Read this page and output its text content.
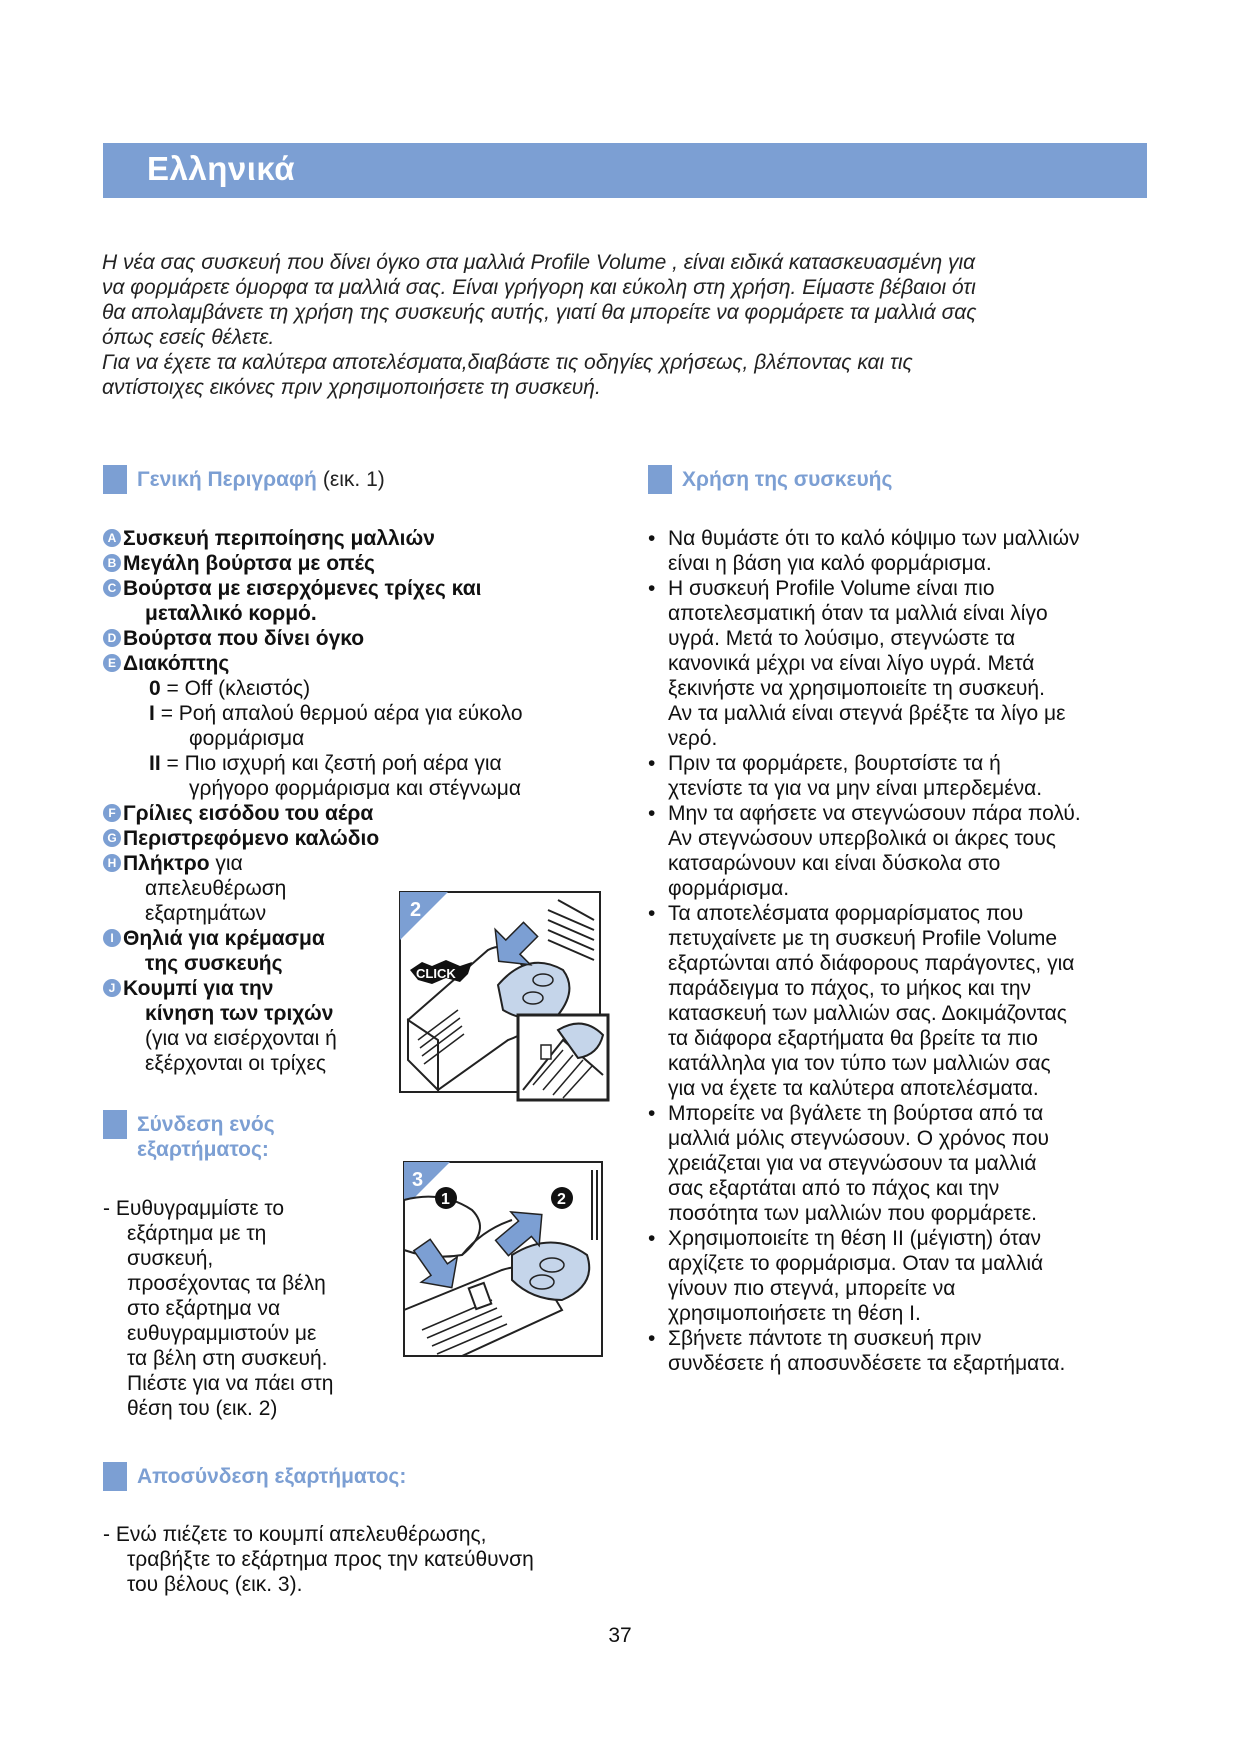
Ελληνικά

Η νέα σας συσκευή που δίνει όγκο στα μαλλιά Profile Volume , είναι ειδικά κατασκευασμένη για

να φορμάρετε όμορφα τα μαλλιά σας. Είναι γρήγορη και εύκολη στη χρήση. Είμαστε βέβαιοι ότι

θα απολαμβάνετε τη χρήση της συσκευής αυτής, γιατί θα μπορείτε να φορμάρετε τα μαλλιά σας

όπως εσείς θέλετε.

Για να έχετε τα καλύτερα αποτελέσματα,διαβάστε τις οδηγίες χρήσεως, βλέποντας και τις

αντίστοιχες εικόνες πριν χρησιμοποιήσετε τη συσκευή.

Γενική Περιγραφή (εικ. 1)
A Συσκευή περιποίησης μαλλιών
B Μεγάλη βούρτσα με οπές
C Βούρτσα με εισερχόμενες τρίχες και
μεταλλικό κορμό.
D Βούρτσα που δίνει όγκο
E Διακόπτης
0 = Off (κλειστός)
I = Ροή απαλού θερμού αέρα για εύκολο
φορμάρισμα
II = Πιο ισχυρή και ζεστή ροή αέρα για
γρήγορο φορμάρισμα και στέγνωμα
F Γρίλιες εισόδου του αέρα
G Περιστρεφόμενο καλώδιο
H Πλήκτρο για
απελευθέρωση
εξαρτημάτων
I Θηλιά για κρέμασμα
της συσκευής
J Κουμπί για την
κίνηση των τριχών
(για να εισέρχονται ή
εξέρχονται οι τρίχες
2
CLICK
Σύνδεση ενός
εξαρτήματος:
- Ευθυγραμμίστε το
εξάρτημα με τη
συσκευή,
προσέχοντας τα βέλη
στο εξάρτημα να
ευθυγραμμιστούν με
τα βέλη στη συσκευή.
Πιέστε για να πάει στη
θέση του (εικ. 2)
3
1	2
Αποσύνδεση εξαρτήματος:
- Ενώ πιέζετε το κουμπί απελευθέρωσης,
τραβήξτε το εξάρτημα προς την κατεύθυνση
του βέλους (εικ. 3).
Χρήση της συσκευής
• Να θυμάστε ότι το καλό κόψιμο των μαλλιών
είναι η βάση για καλό φορμάρισμα.
• Η συσκευή Profile Volume είναι πιο
αποτελεσματική όταν τα μαλλιά είναι λίγο
υγρά. Μετά το λούσιμο, στεγνώστε τα
κανονικά μέχρι να είναι λίγο υγρά. Μετά
ξεκινήστε να χρησιμοποιείτε τη συσκευή.
Αν τα μαλλιά είναι στεγνά βρέξτε τα λίγο με
νερό.
• Πριν τα φορμάρετε, βουρτσίστε τα ή
χτενίστε τα για να μην είναι μπερδεμένα.
• Μην τα αφήσετε να στεγνώσουν πάρα πολύ.
Αν στεγνώσουν υπερβολικά οι άκρες τους
κατσαρώνουν και είναι δύσκολα στο
φορμάρισμα.
• Τα αποτελέσματα φορμαρίσματος που
πετυχαίνετε με τη συσκευή Profile Volume
εξαρτώνται από διάφορους παράγοντες, για
παράδειγμα το πάχος, το μήκος και την
κατασκευή των μαλλιών σας. Δοκιμάζοντας
τα διάφορα εξαρτήματα θα βρείτε τα πιο
κατάλληλα για τον τύπο των μαλλιών σας
για να έχετε τα καλύτερα αποτελέσματα.
• Μπορείτε να βγάλετε τη βούρτσα από τα
μαλλιά μόλις στεγνώσουν. Ο χρόνος που
χρειάζεται για να στεγνώσουν τα μαλλιά
σας εξαρτάται από το πάχος και την
ποσότητα των μαλλιών που φορμάρετε.
• Χρησιμοποιείτε τη θέση II (μέγιστη) όταν
αρχίζετε το φορμάρισμα. Οταν τα μαλλιά
γίνουν πιο στεγνά, μπορείτε να
χρησιμοποιήσετε τη θέση I.
• Σβήνετε πάντοτε τη συσκευή πριν
συνδέσετε ή αποσυνδέσετε τα εξαρτήματα.
37
